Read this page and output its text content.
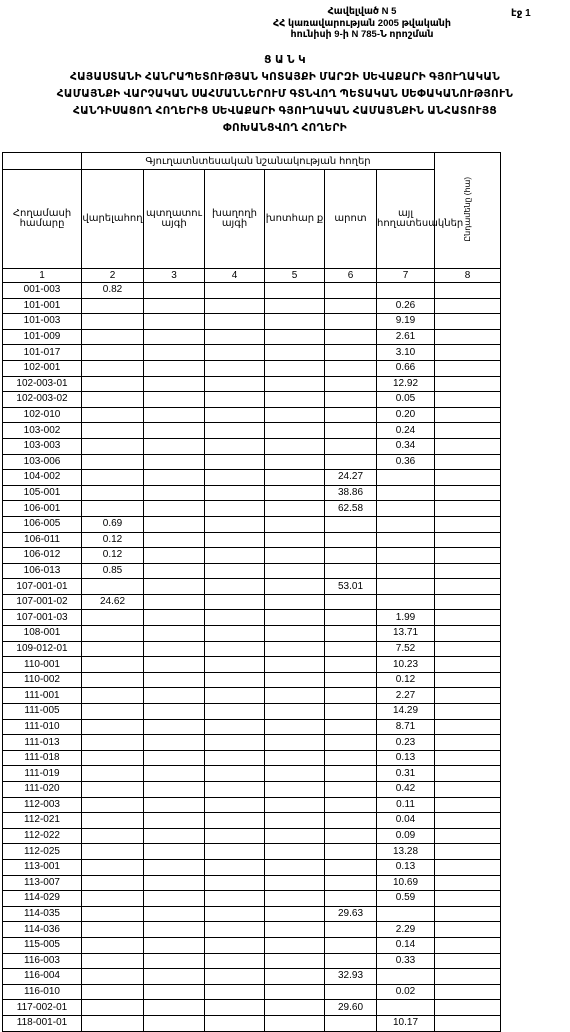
Հավելված N 5
ՀՀ կառավարության 2005 թվականի
հունիսի 9-ի N 785-Ն որոշման
էջ 1
Ց Ա Ն Կ
ՀԱՅԱՍՏԱՆԻ ՀԱՆՐԱՊԵՏՈՒԹՅԱՆ ԿՈՏԱՅՔԻ ՄԱՐԶԻ ՍԵՎԱՔԱՐԻ ԳՅՈՒՂԱԿԱՆ
ՀԱՄԱՅՆՔԻ ՎԱՐՉԱԿԱՆ ՍԱՀՄԱՆՆԵՐՈՒՄ ԳՏՆՎՈՂ ՊԵՏԱԿԱՆ ՍԵՓԱԿԱՆՈՒԹՅՈՒՆ
ՀԱՆԴԻՍԱՑՈՂ ՀՈՂԵՐԻՑ ՍԵՎԱՔԱՐԻ ԳՅՈՒՂԱԿԱՆ ՀԱՄԱՅՆՔԻՆ ԱՆՀԱՏՈՒՅՑ
ՓՈԽԱՆՑՎՈՂ ՀՈՂԵՐԻ
	Գյուղատնտեսական նշանակության հողեր						Ընդամենը (հա)
Հողամասի համարը	վարելահող	պտղատու այգի	խաղողի այգի	խոտհար ք	արոտ	այլ հողատեսակներ	
1	2	3	4	5	6	7	8
001-003	0.82						
101-001						0.26	
101-003						9.19	
101-009						2.61	
101-017						3.10	
102-001						0.66	
102-003-01						12.92	
102-003-02						0.05	
102-010						0.20	
103-002						0.24	
103-003						0.34	
103-006						0.36	
104-002					24.27		
105-001					38.86		
106-001					62.58		
106-005	0.69						
106-011	0.12						
106-012	0.12						
106-013	0.85						
107-001-01					53.01		
107-001-02	24.62						
107-001-03						1.99	
108-001						13.71	
109-012-01						7.52	
110-001						10.23	
110-002						0.12	
111-001						2.27	
111-005						14.29	
111-010						8.71	
111-013						0.23	
111-018						0.13	
111-019						0.31	
111-020						0.42	
112-003						0.11	
112-021						0.04	
112-022						0.09	
112-025						13.28	
113-001						0.13	
113-007						10.69	
114-029						0.59	
114-035					29.63		
114-036						2.29	
115-005						0.14	
116-003						0.33	
116-004					32.93		
116-010						0.02	
117-002-01					29.60		
118-001-01						10.17	
